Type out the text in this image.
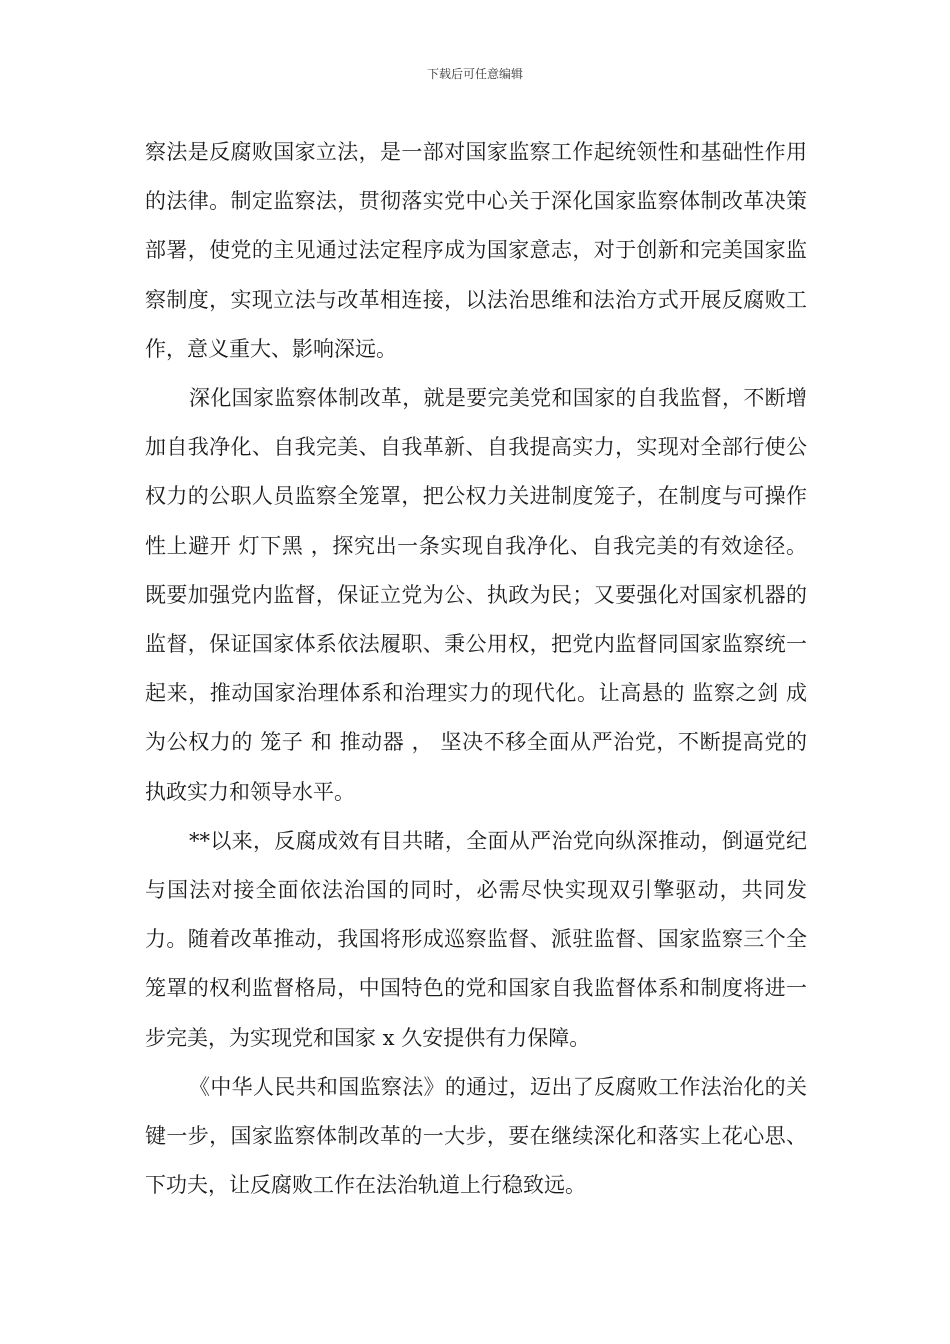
下载后可任意编辑

察法是反腐败国家立法，是一部对国家监察工作起统领性和基础性作用的法律。制定监察法，贯彻落实党中心关于深化国家监察体制改革决策部署，使党的主见通过法定程序成为国家意志，对于创新和完美国家监察制度，实现立法与改革相连接，以法治思维和法治方式开展反腐败工作，意义重大、影响深远。

深化国家监察体制改革，就是要完美党和国家的自我监督，不断增加自我净化、自我完美、自我革新、自我提高实力，实现对全部行使公权力的公职人员监察全笼罩，把公权力关进制度笼子，在制度与可操作性上避开 灯下黑 ，探究出一条实现自我净化、自我完美的有效途径。既要加强党内监督，保证立党为公、执政为民；又要强化对国家机器的监督，保证国家体系依法履职、秉公用权，把党内监督同国家监察统一起来，推动国家治理体系和治理实力的现代化。让高悬的 监察之剑 成为公权力的 笼子 和 推动器 ， 坚决不移全面从严治党，不断提高党的执政实力和领导水平。

**以来，反腐成效有目共睹，全面从严治党向纵深推动，倒逼党纪与国法对接全面依法治国的同时，必需尽快实现双引擎驱动，共同发力。随着改革推动，我国将形成巡察监督、派驻监督、国家监察三个全笼罩的权利监督格局，中国特色的党和国家自我监督体系和制度将进一步完美，为实现党和国家 x 久安提供有力保障。

《中华人民共和国监察法》的通过，迈出了反腐败工作法治化的关键一步，国家监察体制改革的一大步，要在继续深化和落实上花心思、下功夫，让反腐败工作在法治轨道上行稳致远。
